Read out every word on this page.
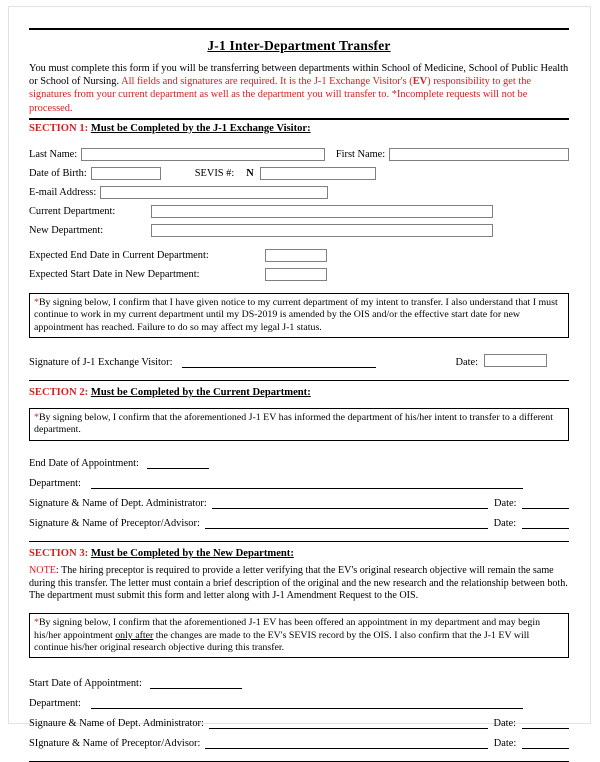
J-1 Inter-Department Transfer
You must complete this form if you will be transferring between departments within School of Medicine, School of Public Health or School of Nursing. All fields and signatures are required. It is the J-1 Exchange Visitor's (EV) responsibility to get the signatures from your current department as well as the department you will transfer to. *Incomplete requests will not be processed.
SECTION 1: Must be Completed by the J-1 Exchange Visitor:
Last Name:	First Name:
Date of Birth:	SEVIS #:	N
E-mail Address:
Current Department:
New Department:
Expected End Date in Current Department:
Expected Start Date in New Department:
*By signing below, I confirm that I have given notice to my current department of my intent to transfer. I also understand that I must continue to work in my current department until my DS-2019 is amended by the OIS and/or the effective start date for new appointment has reached. Failure to do so may affect my legal J-1 status.
Signature of J-1 Exchange Visitor:	Date:
SECTION 2: Must be Completed by the Current Department:
*By signing below, I confirm that the aforementioned J-1 EV has informed the department of his/her intent to transfer to a different department.
End Date of Appointment:
Department:
Signature & Name of Dept. Administrator:	Date:
Signature & Name of Preceptor/Advisor:	Date:
SECTION 3: Must be Completed by the New Department:
NOTE: The hiring preceptor is required to provide a letter verifying that the EV's original research objective will remain the same during this transfer. The letter must contain a brief description of the original and the new research and the relationship between both. The department must submit this form and letter along with J-1 Amendment Request to the OIS.
*By signing below, I confirm that the aforementioned J-1 EV has been offered an appointment in my department and may begin his/her appointment only after the changes are made to the EV's SEVIS record by the OIS. I also confirm that the J-1 EV will continue his/her original research objective during this transfer.
Start Date of Appointment:
Department:
Signaure & Name of Dept. Administrator:	Date:
SIgnature & Name of Preceptor/Advisor:	Date:
